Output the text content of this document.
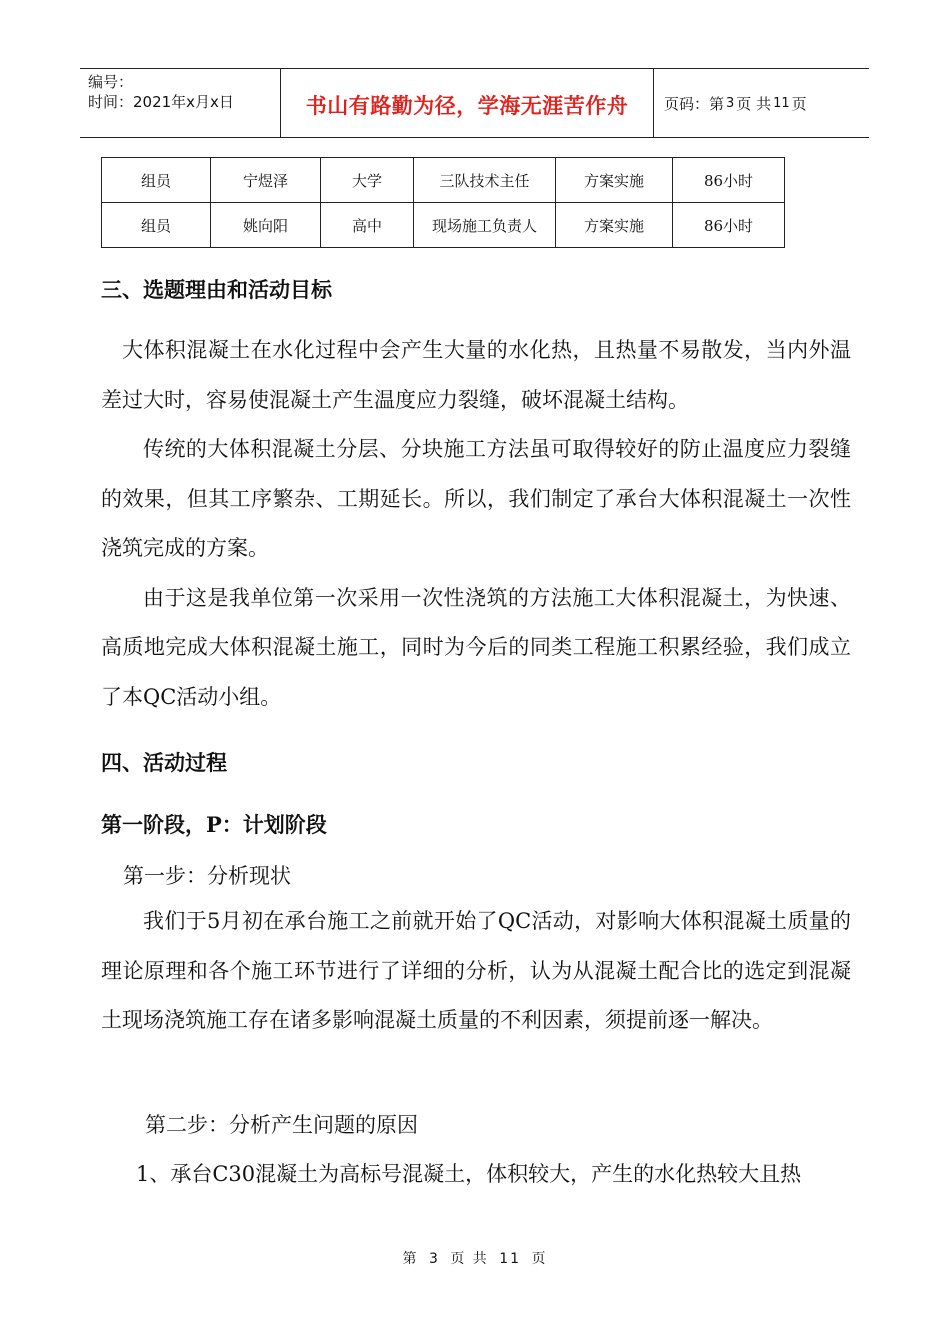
编号：
时间：2021年x月x日	书山有路勤为径，学海无涯苦作舟	页码：第 3 页 共 11 页
组员	宁煜泽	大学	三队技术主任	方案实施	86小时
组员	姚向阳	高中	现场施工负责人	方案实施	86小时
三、选题理由和活动目标

大体积混凝土在水化过程中会产生大量的水化热，且热量不易散发，当内外温差过大时，容易使混凝土产生温度应力裂缝，破坏混凝土结构。

传统的大体积混凝土分层、分块施工方法虽可取得较好的防止温度应力裂缝的效果，但其工序繁杂、工期延长。所以，我们制定了承台大体积混凝土一次性浇筑完成的方案。

由于这是我单位第一次采用一次性浇筑的方法施工大体积混凝土，为快速、高质地完成大体积混凝土施工，同时为今后的同类工程施工积累经验，我们成立了本QC活动小组。

四、活动过程
第一阶段，P：计划阶段
第一步：分析现状

我们于5月初在承台施工之前就开始了QC活动，对影响大体积混凝土质量的理论原理和各个施工环节进行了详细的分析，认为从混凝土配合比的选定到混凝土现场浇筑施工存在诸多影响混凝土质量的不利因素，须提前逐一解决。

第二步：分析产生问题的原因
1、承台C30混凝土为高标号混凝土，体积较大，产生的水化热较大且热
第 3 页 共 11 页
